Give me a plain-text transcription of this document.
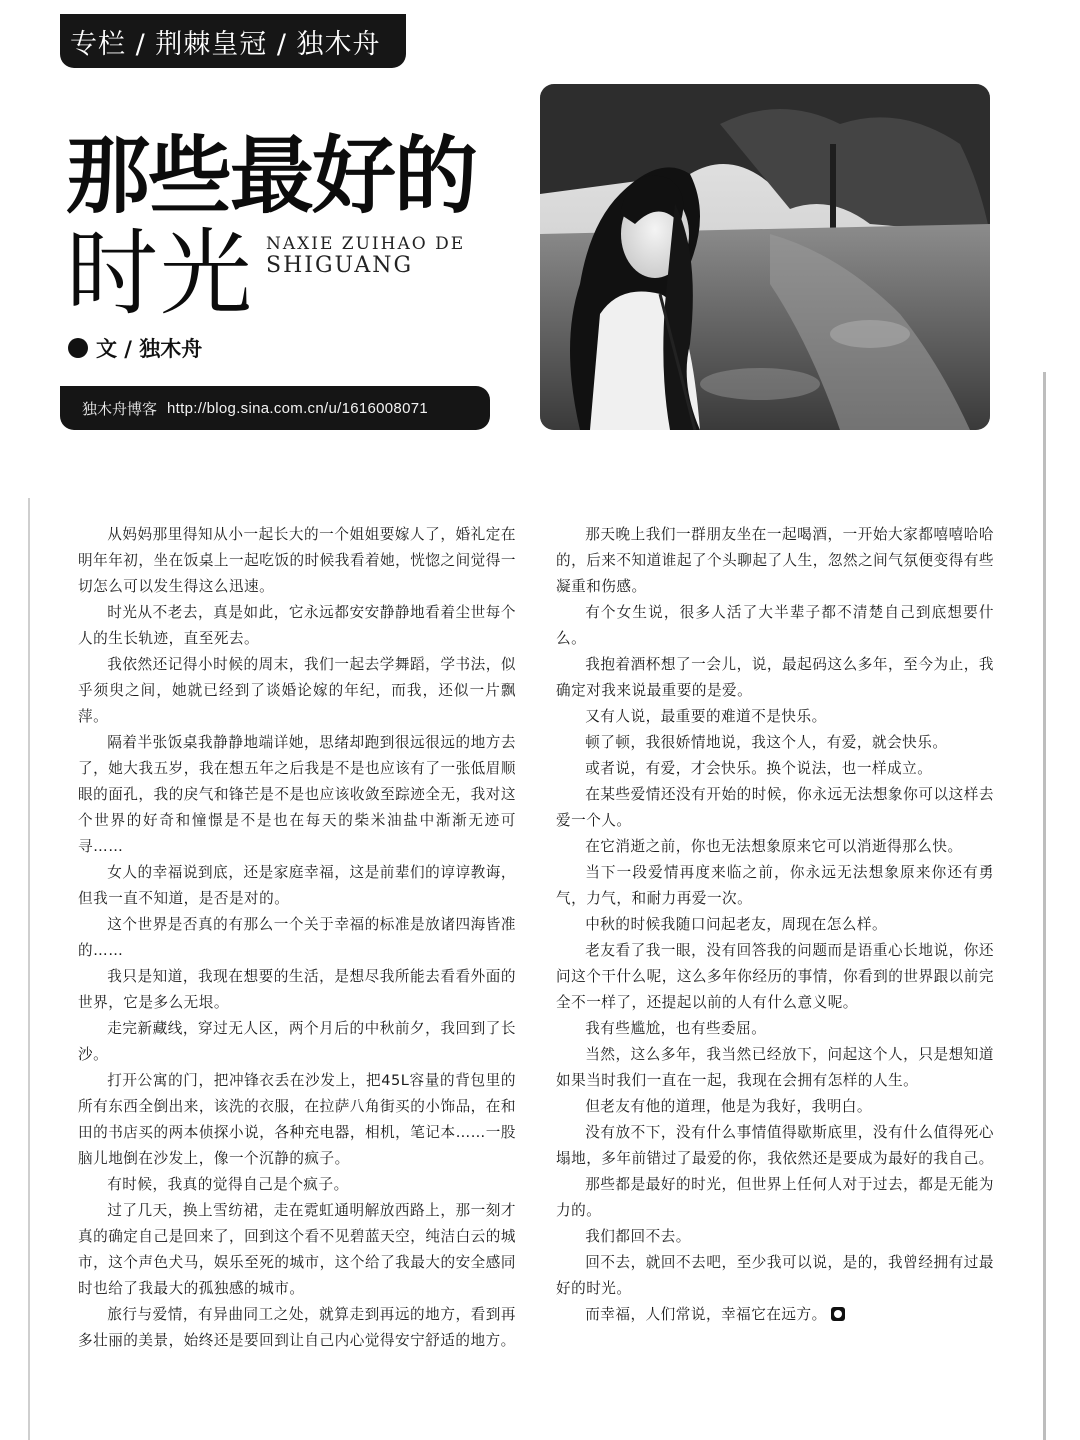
专栏 / 荆棘皇冠 / 独木舟
那些最好的
时光 NAXIE ZUIHAO DE
SHIGUANG
文 / 独木舟
独木舟博客 http://blog.sina.com.cn/u/1616008071

从妈妈那里得知从小一起长大的一个姐姐要嫁人了，婚礼定在明年年初，坐在饭桌上一起吃饭的时候我看着她，恍惚之间觉得一切怎么可以发生得这么迅速。

时光从不老去，真是如此，它永远都安安静静地看着尘世每个人的生长轨迹，直至死去。

我依然还记得小时候的周末，我们一起去学舞蹈，学书法，似乎须臾之间，她就已经到了谈婚论嫁的年纪，而我，还似一片飘萍。

隔着半张饭桌我静静地端详她，思绪却跑到很远很远的地方去了，她大我五岁，我在想五年之后我是不是也应该有了一张低眉顺眼的面孔，我的戾气和锋芒是不是也应该收敛至踪迹全无，我对这个世界的好奇和憧憬是不是也在每天的柴米油盐中渐渐无迹可寻……

女人的幸福说到底，还是家庭幸福，这是前辈们的谆谆教诲，但我一直不知道，是否是对的。

这个世界是否真的有那么一个关于幸福的标准是放诸四海皆准的……

我只是知道，我现在想要的生活，是想尽我所能去看看外面的世界，它是多么无垠。

走完新藏线，穿过无人区，两个月后的中秋前夕，我回到了长沙。

打开公寓的门，把冲锋衣丢在沙发上，把45L容量的背包里的所有东西全倒出来，该洗的衣服，在拉萨八角街买的小饰品，在和田的书店买的两本侦探小说，各种充电器，相机，笔记本……一股脑儿地倒在沙发上，像一个沉静的疯子。

有时候，我真的觉得自己是个疯子。

过了几天，换上雪纺裙，走在霓虹通明解放西路上，那一刻才真的确定自己是回来了，回到这个看不见碧蓝天空，纯洁白云的城市，这个声色犬马，娱乐至死的城市，这个给了我最大的安全感同时也给了我最大的孤独感的城市。

旅行与爱情，有异曲同工之处，就算走到再远的地方，看到再多壮丽的美景，始终还是要回到让自己内心觉得安宁舒适的地方。

那天晚上我们一群朋友坐在一起喝酒，一开始大家都嘻嘻哈哈的，后来不知道谁起了个头聊起了人生，忽然之间气氛便变得有些凝重和伤感。

有个女生说，很多人活了大半辈子都不清楚自己到底想要什么。

我抱着酒杯想了一会儿，说，最起码这么多年，至今为止，我确定对我来说最重要的是爱。

又有人说，最重要的难道不是快乐。

顿了顿，我很娇情地说，我这个人，有爱，就会快乐。

或者说，有爱，才会快乐。换个说法，也一样成立。

在某些爱情还没有开始的时候，你永远无法想象你可以这样去爱一个人。

在它消逝之前，你也无法想象原来它可以消逝得那么快。

当下一段爱情再度来临之前，你永远无法想象原来你还有勇气，力气，和耐力再爱一次。

中秋的时候我随口问起老友，周现在怎么样。

老友看了我一眼，没有回答我的问题而是语重心长地说，你还问这个干什么呢，这么多年你经历的事情，你看到的世界跟以前完全不一样了，还提起以前的人有什么意义呢。

我有些尴尬，也有些委屈。

当然，这么多年，我当然已经放下，问起这个人，只是想知道如果当时我们一直在一起，我现在会拥有怎样的人生。

但老友有他的道理，他是为我好，我明白。

没有放不下，没有什么事情值得歇斯底里，没有什么值得死心塌地，多年前错过了最爱的你，我依然还是要成为最好的我自己。

那些都是最好的时光，但世界上任何人对于过去，都是无能为力的。

我们都回不去。

回不去，就回不去吧，至少我可以说，是的，我曾经拥有过最好的时光。

而幸福，人们常说，幸福它在远方。
